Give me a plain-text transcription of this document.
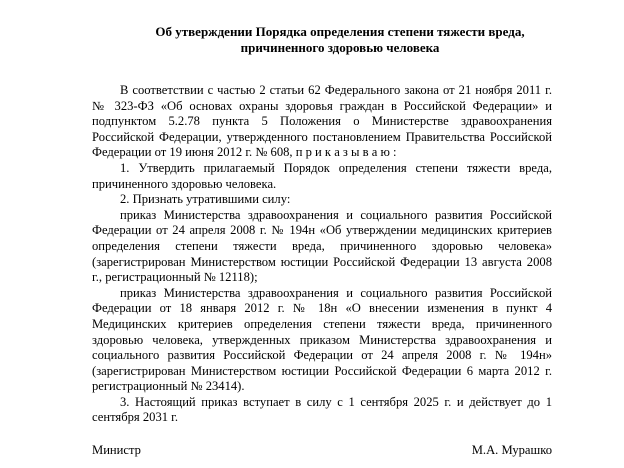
Об утверждении Порядка определения степени тяжести вреда,
причиненного здоровью человека

В соответствии с частью 2 статьи 62 Федерального закона от 21 ноября 2011 г. № 323-ФЗ «Об основах охраны здоровья граждан в Российской Федерации» и подпунктом 5.2.78 пункта 5 Положения о Министерстве здравоохранения Российской Федерации, утвержденного постановлением Правительства Российской Федерации от 19 июня 2012 г. № 608, п р и к а з ы в а ю :

1. Утвердить прилагаемый Порядок определения степени тяжести вреда, причиненного здоровью человека.

2. Признать утратившими силу:

приказ Министерства здравоохранения и социального развития Российской Федерации от 24 апреля 2008 г. № 194н «Об утверждении медицинских критериев определения степени тяжести вреда, причиненного здоровью человека» (зарегистрирован Министерством юстиции Российской Федерации 13 августа 2008 г., регистрационный № 12118);

приказ Министерства здравоохранения и социального развития Российской Федерации от 18 января 2012 г. № 18н «О внесении изменения в пункт 4 Медицинских критериев определения степени тяжести вреда, причиненного здоровью человека, утвержденных приказом Министерства здравоохранения и социального развития Российской Федерации от 24 апреля 2008 г. № 194н» (зарегистрирован Министерством юстиции Российской Федерации 6 марта 2012 г. регистрационный № 23414).

3. Настоящий приказ вступает в силу с 1 сентября 2025 г. и действует до 1 сентября 2031 г.

Министр	М.А. Мурашко
